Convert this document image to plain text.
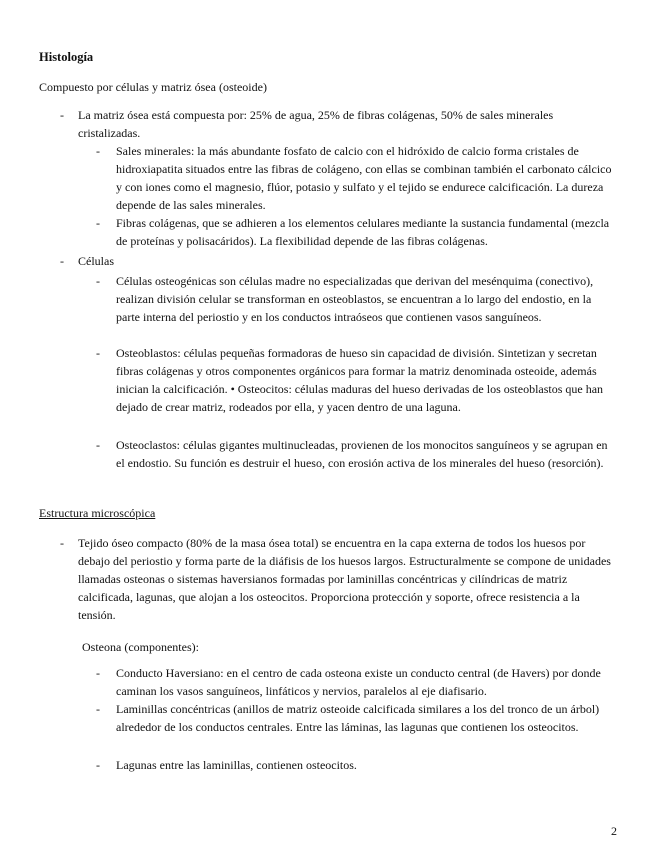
Histología
Compuesto por células y matriz ósea (osteoide)
- La matriz ósea está compuesta por: 25% de agua, 25% de fibras colágenas, 50% de sales minerales cristalizadas.

- Sales minerales: la más abundante fosfato de calcio con el hidróxido de calcio forma cristales de hidroxiapatita situados entre las fibras de colágeno, con ellas se combinan también el carbonato cálcico y con iones como el magnesio, flúor, potasio y sulfato y el tejido se endurece calcificación. La dureza depende de las sales minerales.

- Fibras colágenas, que se adhieren a los elementos celulares mediante la sustancia fundamental (mezcla de proteínas y polisacáridos). La flexibilidad depende de las fibras colágenas.

- Células

- Células osteogénicas son células madre no especializadas que derivan del mesénquima (conectivo), realizan división celular se transforman en osteoblastos, se encuentran a lo largo del endostio, en la parte interna del periostio y en los conductos intraóseos que contienen vasos sanguíneos.

- Osteoblastos: células pequeñas formadoras de hueso sin capacidad de división. Sintetizan y secretan fibras colágenas y otros componentes orgánicos para formar la matriz denominada osteoide, además inician la calcificación. • Osteocitos: células maduras del hueso derivadas de los osteoblastos que han dejado de crear matriz, rodeados por ella, y yacen dentro de una laguna.

- Osteoclastos: células gigantes multinucleadas, provienen de los monocitos sanguíneos y se agrupan en el endostio. Su función es destruir el hueso, con erosión activa de los minerales del hueso (resorción).

Estructura microscópica
- Tejido óseo compacto (80% de la masa ósea total) se encuentra en la capa externa de todos los huesos por debajo del periostio y forma parte de la diáfisis de los huesos largos. Estructuralmente se compone de unidades llamadas osteonas o sistemas haversianos formadas por laminillas concéntricas y cilíndricas de matriz calcificada, lagunas, que alojan a los osteocitos. Proporciona protección y soporte, ofrece resistencia a la tensión.

Osteona (componentes):
- Conducto Haversiano: en el centro de cada osteona existe un conducto central (de Havers) por donde caminan los vasos sanguíneos, linfáticos y nervios, paralelos al eje diafisario.

- Laminillas concéntricas (anillos de matriz osteoide calcificada similares a los del tronco de un árbol) alrededor de los conductos centrales. Entre las láminas, las lagunas que contienen los osteocitos.

- Lagunas entre las laminillas, contienen osteocitos.

2
